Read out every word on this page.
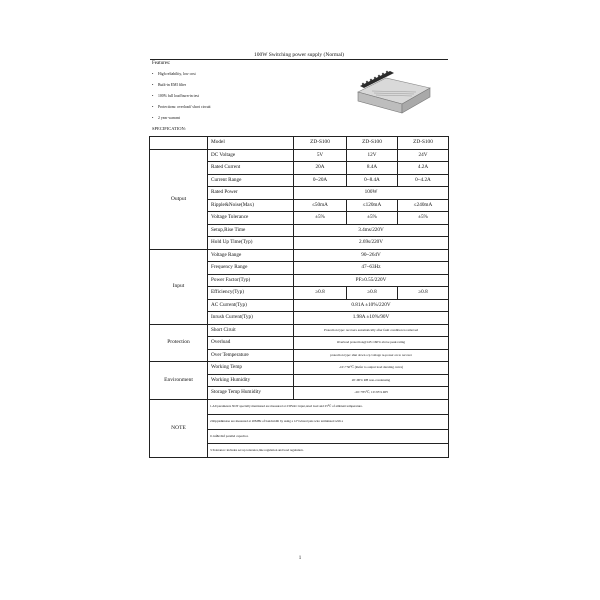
100W Switching power supply (Normal)
Features:
• High reliability, low cost
• Built-in EMI filter
• 100% full load burn-in test
• Protections: overload/ short circuit
• 2 year warrant
SPECIFICATION:
	Model	ZD-S100	ZD-S100	ZD-S100
Output	DC Voltage	5V	12V	24V
	Rated Current	20A	8.4A	4.2A
	Current Range	0~20A	0~8.4A	0~4.2A
	Rated Power	100W		
	Ripple&Noise(Max)	≤50mA	≤120mA	≤240mA
	Voltage Tolerance	±5%	±5%	±5%
	Setup,Rise Time	3.4ms/220V		
	Hold Up Time(Typ)	2.69s/220V		
Input	Voltage Range	90~264V		
	Frequency Range	47~63Hz		
	Power Factor(Typ)	PF≥0.55/220V		
	Efficiency(Typ)	≥0.8	≥0.8	≥0.8
	AC Current(Typ)	0.81A ±10%/220V		
	Inrush Current(Typ)	1.98A ±10%/90V		
Protection	Short Ciruit	Protection type: recovers automatically after fault condition is removed		
	Overload	Overload protection@145~160% above peak rating		
	Over Temperature	protection type: shut down o/p voltage re-power on to recover		
Environment	Working Temp	-10~+50℃ (Refer to output load derating curve)		
	Working Humidity	20~90% RH non-condensing		
	Storage Temp Humidity	-20~+85℃, 10~95% RH		
NOTE	1.All parameters NOT specially mentioned are measured at 230VAC input,rated load and 25℃ of ambient temperature.			
	2.Ripple&noise are measured at 20MHz of bandwidth by using a 12"twisted pair-wire terminated with a			
	0.1uf&10uf parallel capacitor.			
	3.Tolerance: includes set up tolerance,line regulation and load regulation.			
1
